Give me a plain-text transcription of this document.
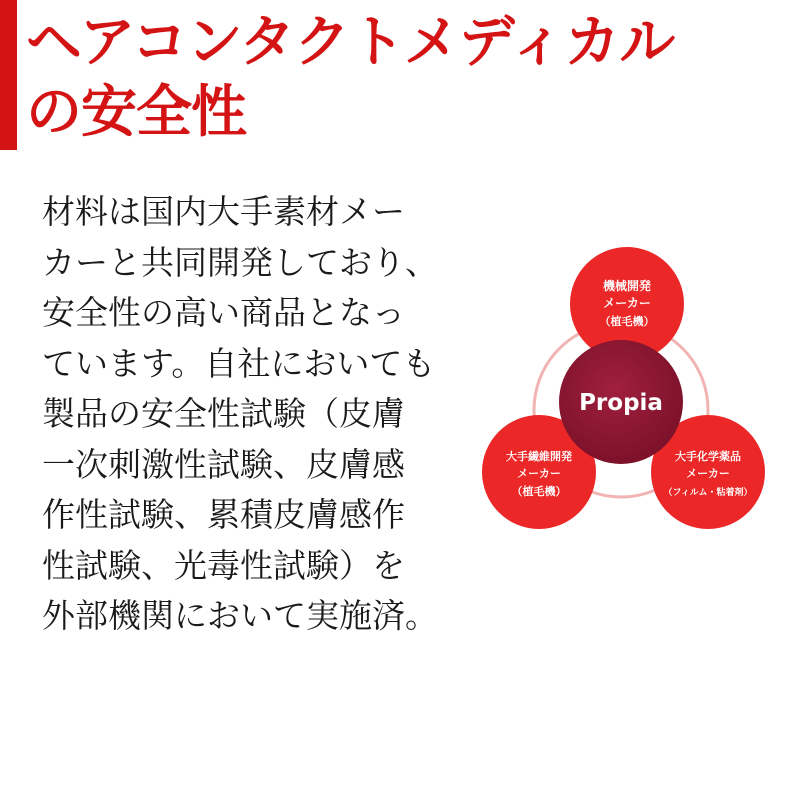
ヘアコンタクトメディカル
の安全性
材料は国内大手素材メー
カーと共同開発しており、
安全性の高い商品となっ
ています。自社においても
製品の安全性試験（皮膚
一次刺激性試験、皮膚感
作性試験、累積皮膚感作
性試験、光毒性試験）を
外部機関において実施済。
機械開発
メーカー
（植毛機）
大手繊維開発
メーカー
（植毛機）
大手化学薬品
メーカー
（フィルム・粘着剤）
Propia
